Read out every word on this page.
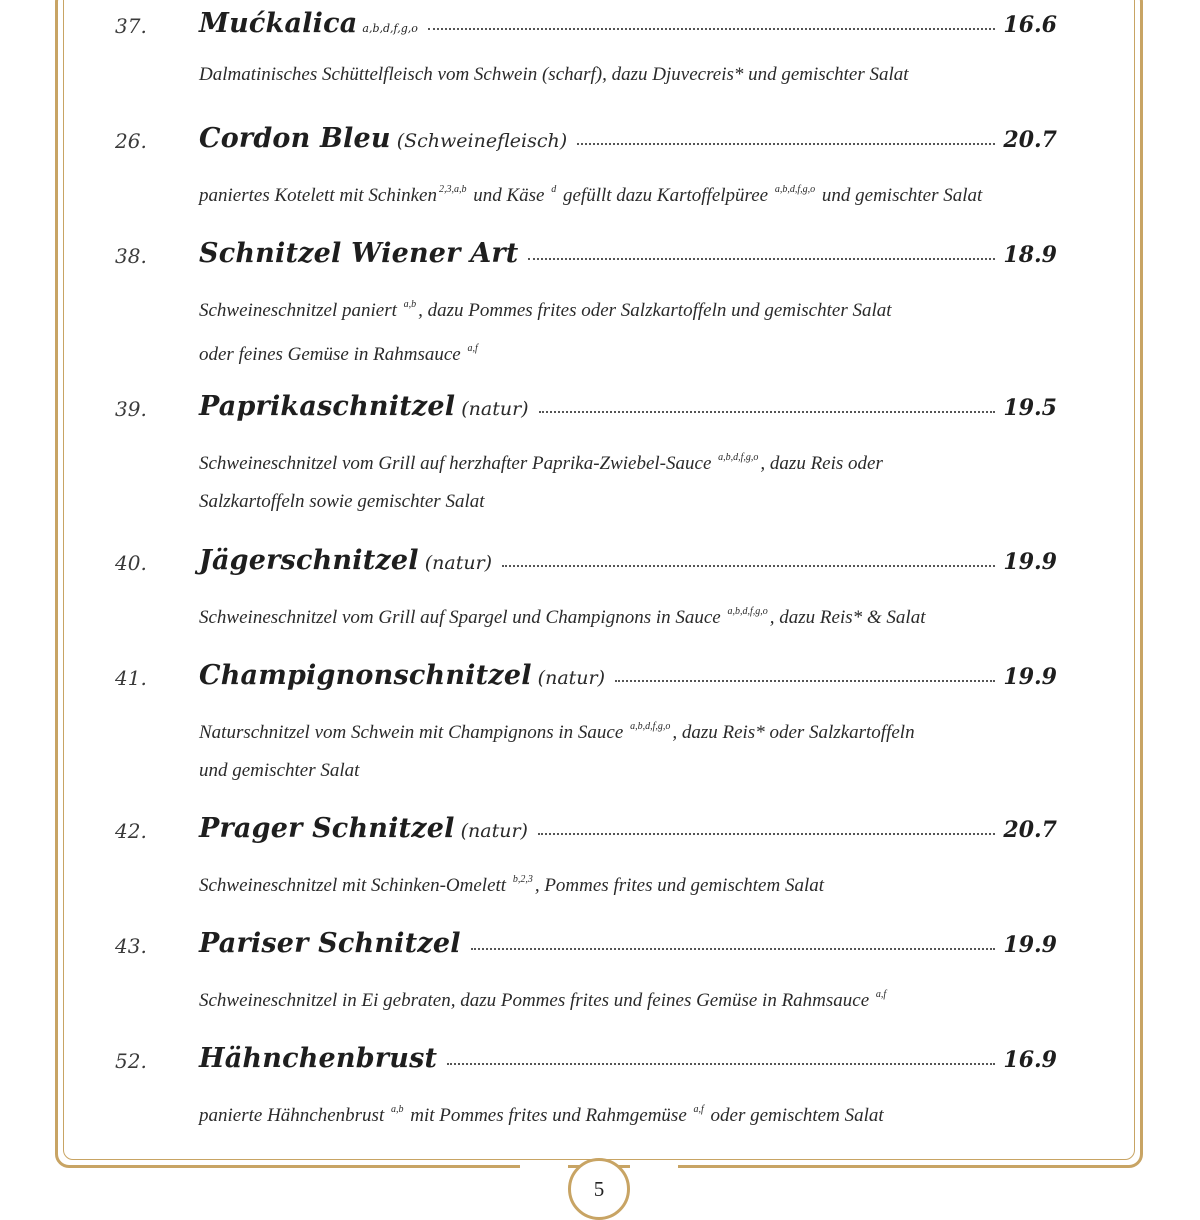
37. Mućkalica a,b,d,f,g,o	16.6
Dalmatinisches Schüttelfleisch vom Schwein (scharf), dazu Djuvecreis* und gemischter Salat
26. Cordon Bleu (Schweinefleisch)	20.7
paniertes Kotelett mit Schinken $^{2,3,a,b}$ und Käse $^d$ gefüllt dazu Kartoffelpüree $^{a,b,d,f,g,o}$ und gemischter Salat
38. Schnitzel Wiener Art	18.9
Schweineschnitzel paniert $^{a,b}$ , dazu Pommes frites oder Salzkartoffeln und gemischter Salat
oder feines Gemüse in Rahmsauce $^{a,f}$
39. Paprikaschnitzel (natur)	19.5
Schweineschnitzel vom Grill auf herzhafter Paprika-Zwiebel-Sauce $^{a,b,d,f,g,o}$ , dazu Reis oder
Salzkartoffeln sowie gemischter Salat
40. Jägerschnitzel (natur)	19.9
Schweineschnitzel vom Grill auf Spargel und Champignons in Sauce $^{a,b,d,f,g,o}$ , dazu Reis* & Salat
41. Champignonschnitzel (natur)	19.9
Naturschnitzel vom Schwein mit Champignons in Sauce $^{a,b,d,f,g,o}$ , dazu Reis* oder Salzkartoffeln
und gemischter Salat
42. Prager Schnitzel (natur)	20.7
Schweineschnitzel mit Schinken-Omelett $^{b,2,3}$ , Pommes frites und gemischtem Salat
43. Pariser Schnitzel	19.9
Schweineschnitzel in Ei gebraten, dazu Pommes frites und feines Gemüse in Rahmsauce $^{a,f}$
52. Hähnchenbrust	16.9
panierte Hähnchenbrust $^{a,b}$ mit Pommes frites und Rahmgemüse $^{a,f}$ oder gemischtem Salat
5
